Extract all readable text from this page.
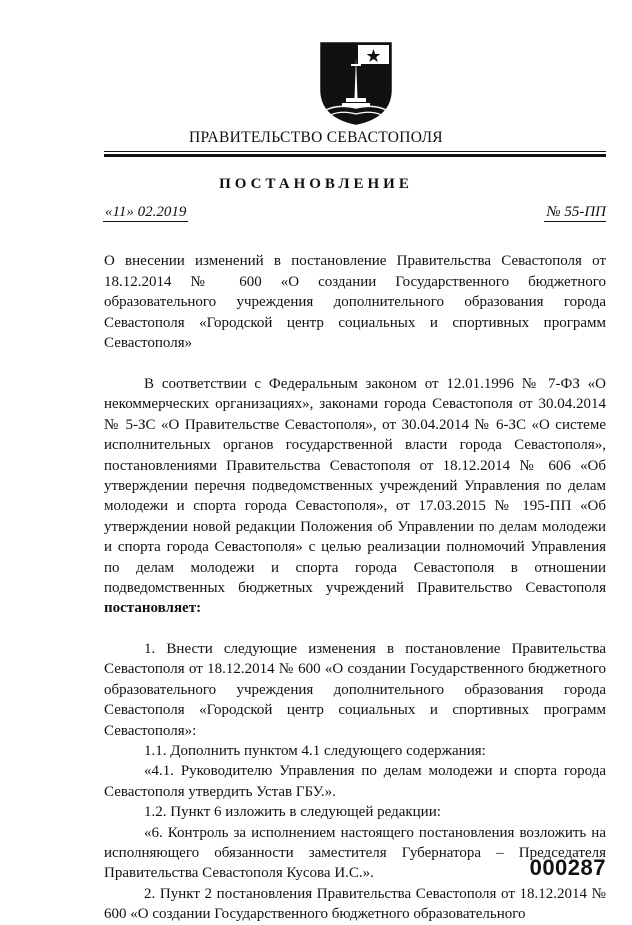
ПРАВИТЕЛЬСТВО СЕВАСТОПОЛЯ

ПОСТАНОВЛЕНИЕ

«11» 02.2019	№ 55-ПП

О внесении изменений в постановление Правительства Севастополя от 18.12.2014 № 600 «О создании Государственного бюджетного образовательного учреждения дополнительного образования города Севастополя «Городской центр социальных и спортивных программ Севастополя»

В соответствии с Федеральным законом от 12.01.1996 № 7-ФЗ «О некоммерческих организациях», законами города Севастополя от 30.04.2014 № 5-ЗС «О Правительстве Севастополя», от 30.04.2014 № 6-ЗС «О системе исполнительных органов государственной власти города Севастополя», постановлениями Правительства Севастополя от 18.12.2014 № 606 «Об утверждении перечня подведомственных учреждений Управления по делам молодежи и спорта города Севастополя», от 17.03.2015 № 195-ПП «Об утверждении новой редакции Положения об Управлении по делам молодежи и спорта города Севастополя» с целью реализации полномочий Управления по делам молодежи и спорта города Севастополя в отношении подведомственных бюджетных учреждений Правительство Севастополя постановляет:

1. Внести следующие изменения в постановление Правительства Севастополя от 18.12.2014 № 600 «О создании Государственного бюджетного образовательного учреждения дополнительного образования города Севастополя «Городской центр социальных и спортивных программ Севастополя»:

1.1. Дополнить пунктом 4.1 следующего содержания:

«4.1. Руководителю Управления по делам молодежи и спорта города Севастополя утвердить Устав ГБУ.».

1.2. Пункт 6 изложить в следующей редакции:

«6. Контроль за исполнением настоящего постановления возложить на исполняющего обязанности заместителя Губернатора – Председателя Правительства Севастополя Кусова И.С.».

2. Пункт 2 постановления Правительства Севастополя от 18.12.2014 № 600 «О создании Государственного бюджетного образовательного

000287
